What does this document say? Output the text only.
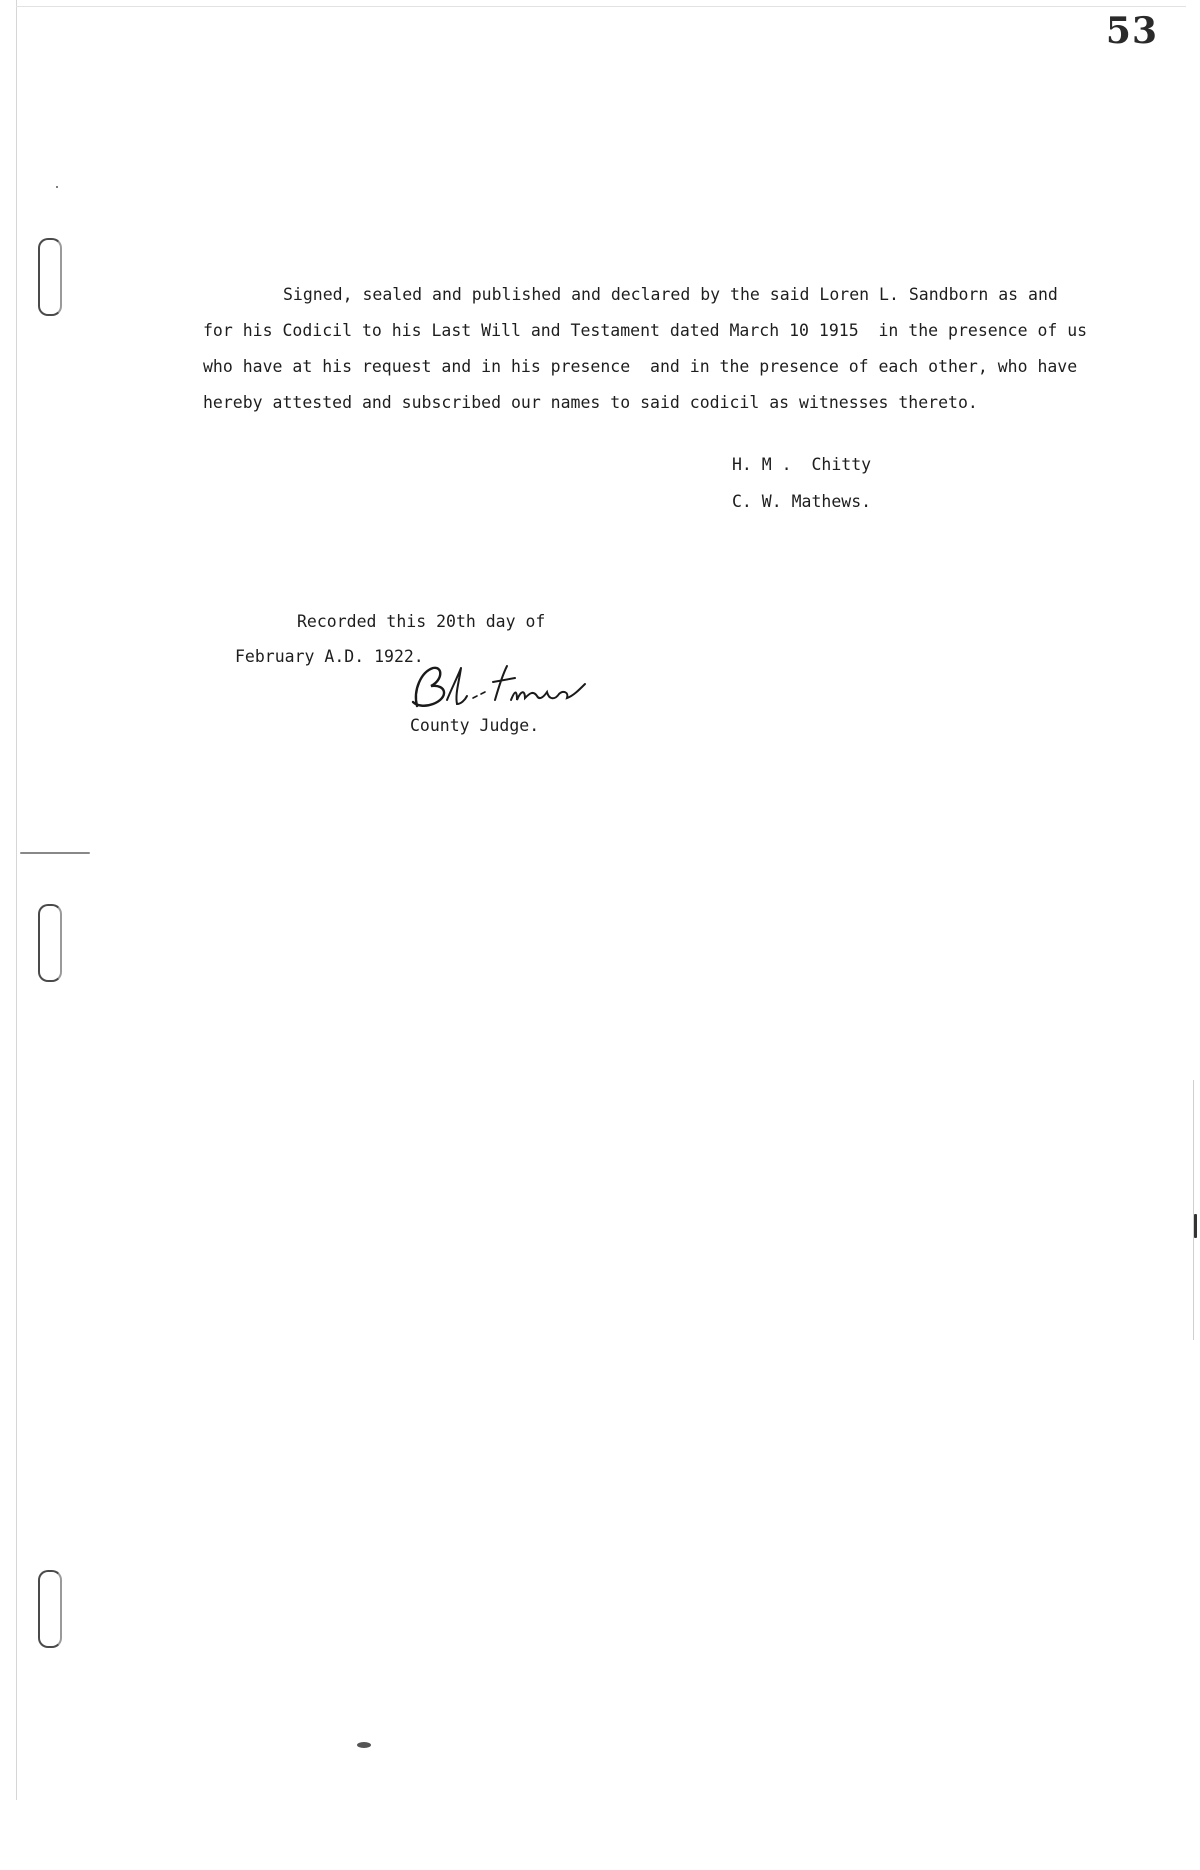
53
Signed, sealed and published and declared by the said Loren L. Sandborn as and
for his Codicil to his Last Will and Testament dated March 10 1915  in the presence of us
who have at his request and in his presence  and in the presence of each other, who have
hereby attested and subscribed our names to said codicil as witnesses thereto.
H. M .  Chitty
C. W. Mathews.
Recorded this 20th day of
February A.D. 1922.
County Judge.
